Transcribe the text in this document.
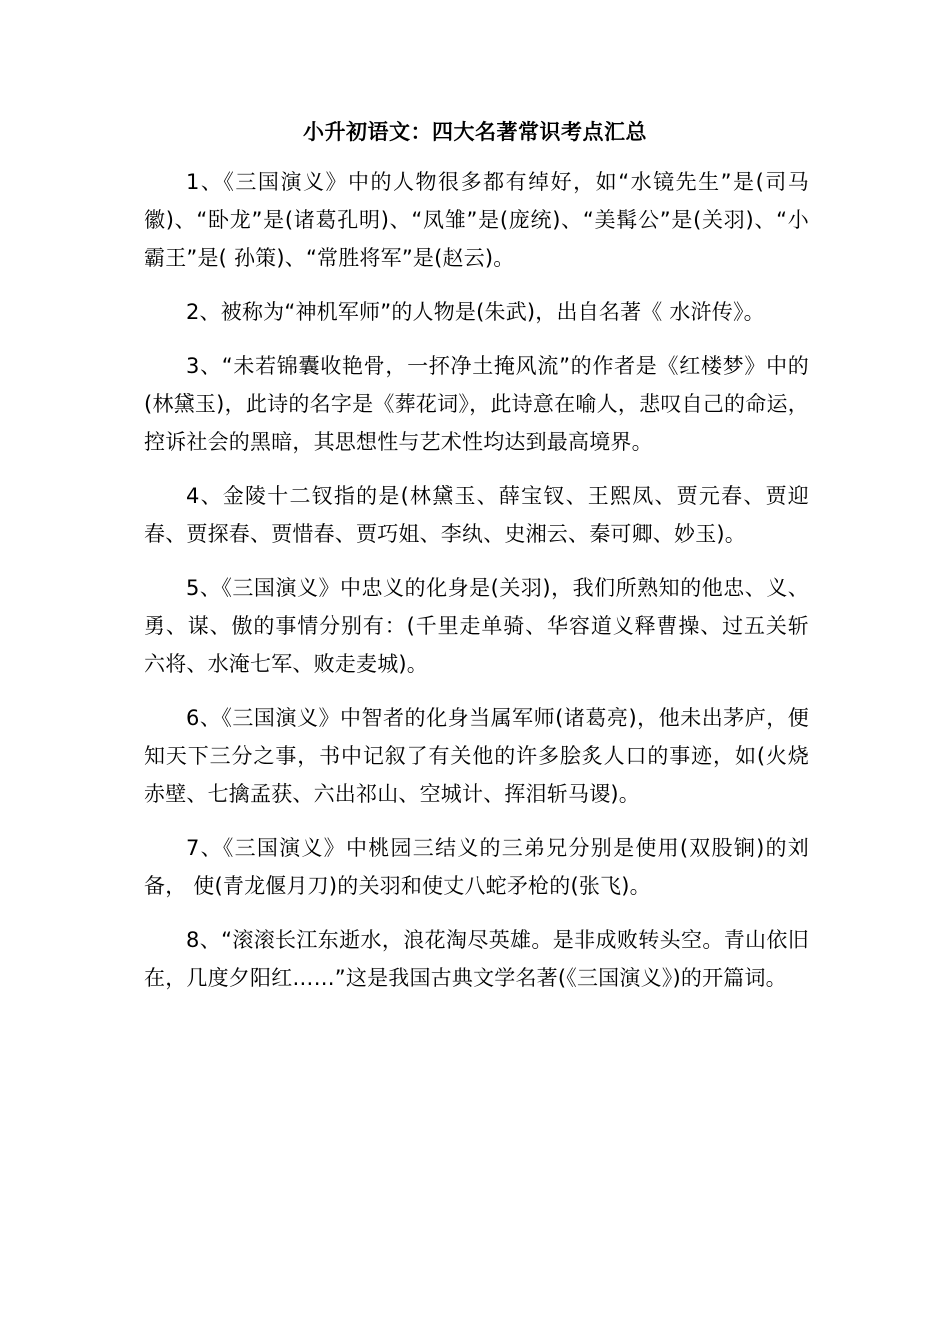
小升初语文：四大名著常识考点汇总

1、《三国演义》中的人物很多都有绰好，如“水镜先生”是(司马徽)、“卧龙”是(诸葛孔明)、“凤雏”是(庞统)、“美髯公”是(关羽)、“小霸王”是( 孙策)、“常胜将军”是(赵云)。

2、被称为“神机军师”的人物是(朱武)，出自名著《 水浒传》。

3、“未若锦囊收艳骨，一抔净土掩风流”的作者是《红楼梦》中的(林黛玉)，此诗的名字是《葬花词》，此诗意在喻人，悲叹自己的命运，控诉社会的黑暗，其思想性与艺术性均达到最高境界。

4、金陵十二钗指的是(林黛玉、薛宝钗、王熙凤、贾元春、贾迎春、贾探春、贾惜春、贾巧姐、李纨、史湘云、秦可卿、妙玉)。

5、《三国演义》中忠义的化身是(关羽)，我们所熟知的他忠、义、勇、谋、傲的事情分别有：(千里走单骑、华容道义释曹操、过五关斩六将、水淹七军、败走麦城)。

6、《三国演义》中智者的化身当属军师(诸葛亮)，他未出茅庐，便知天下三分之事，书中记叙了有关他的许多脍炙人口的事迹，如(火烧赤壁、七擒孟获、六出祁山、空城计、挥泪斩马谡)。

7、《三国演义》中桃园三结义的三弟兄分别是使用(双股锏)的刘备， 使(青龙偃月刀)的关羽和使丈八蛇矛枪的(张飞)。

8、“滚滚长江东逝水，浪花淘尽英雄。是非成败转头空。青山依旧在，几度夕阳红……”这是我国古典文学名著(《三国演义》)的开篇词。
